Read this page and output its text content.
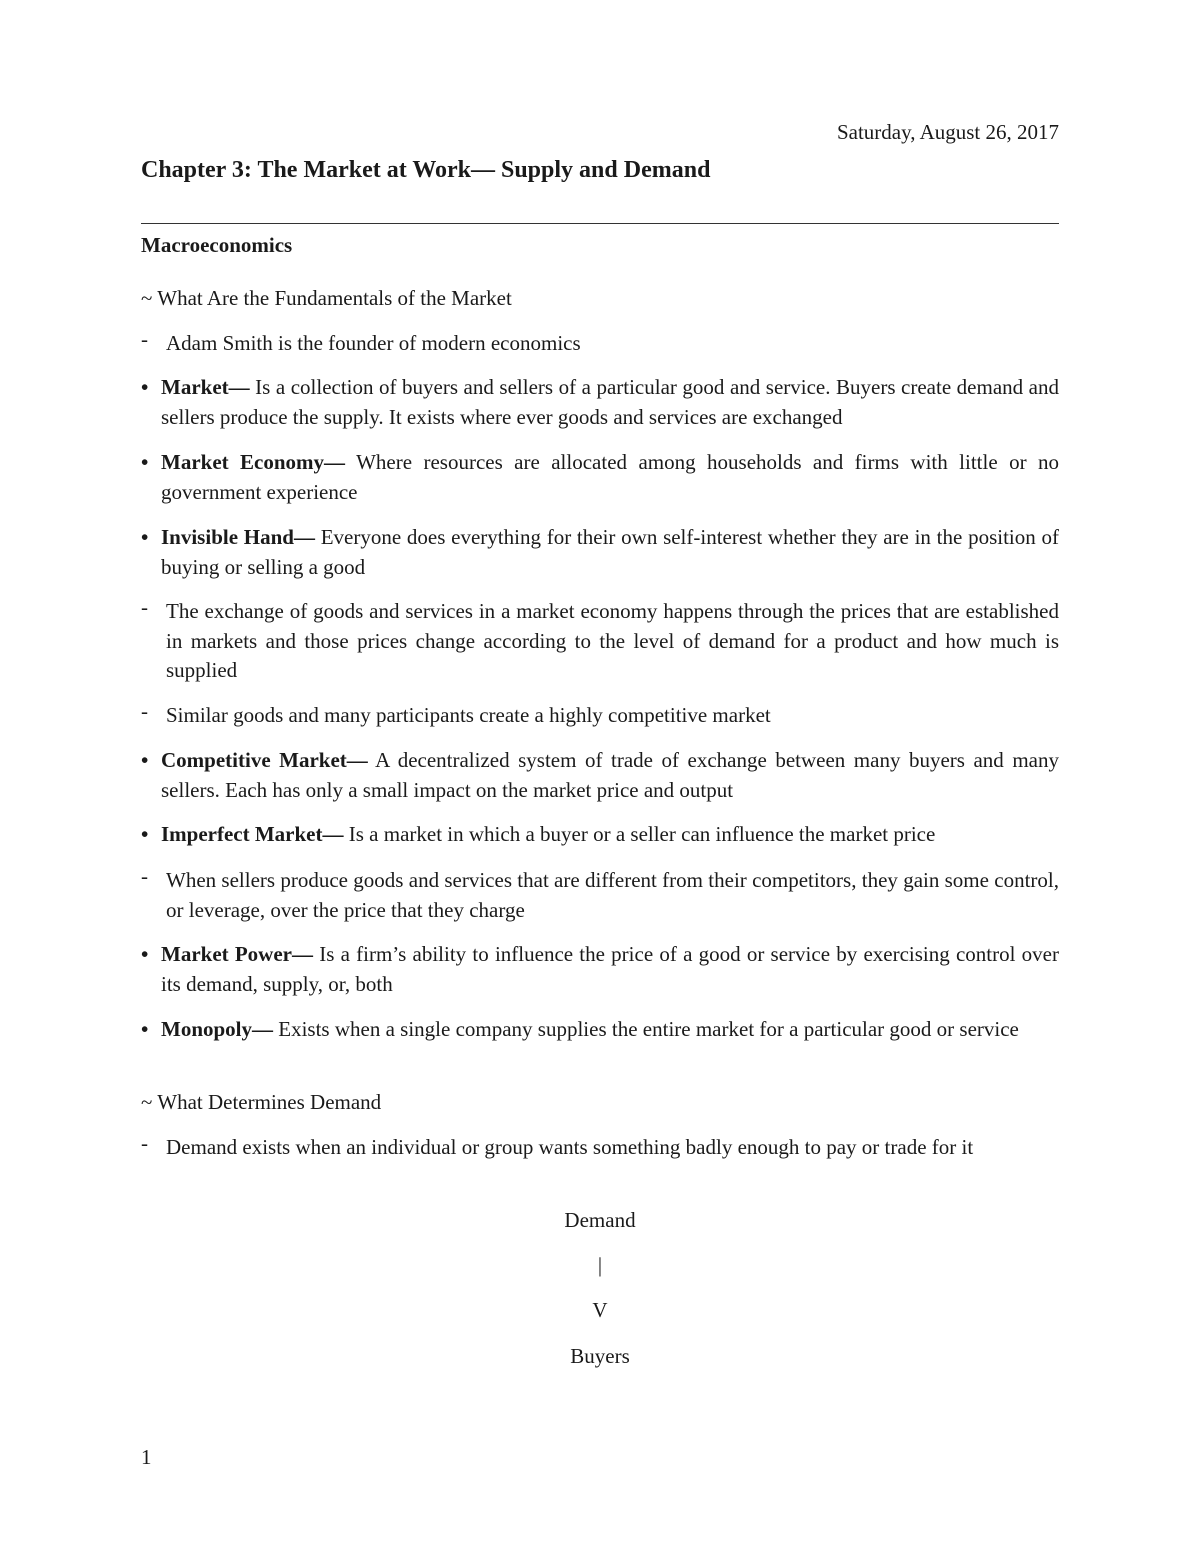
Saturday, August 26, 2017
Chapter 3: The Market at Work— Supply and Demand
Macroeconomics
~ What Are the Fundamentals of the Market
- Adam Smith is the founder of modern economics
• Market— Is a collection of buyers and sellers of a particular good and service. Buyers create demand and sellers produce the supply. It exists where ever goods and services are exchanged
• Market Economy— Where resources are allocated among households and firms with little or no government experience
• Invisible Hand— Everyone does everything for their own self-interest whether they are in the position of buying or selling a good
- The exchange of goods and services in a market economy happens through the prices that are established in markets and those prices change according to the level of demand for a product and how much is supplied
- Similar goods and many participants create a highly competitive market
• Competitive Market— A decentralized system of trade of exchange between many buyers and many sellers. Each has only a small impact on the market price and output
• Imperfect Market— Is a market in which a buyer or a seller can influence the market price
- When sellers produce goods and services that are different from their competitors, they gain some control, or leverage, over the price that they charge
• Market Power— Is a firm’s ability to influence the price of a good or service by exercising control over its demand, supply, or, both
• Monopoly— Exists when a single company supplies the entire market for a particular good or service
~ What Determines Demand
- Demand exists when an individual or group wants something badly enough to pay or trade for it
Demand
|
V
Buyers
1
